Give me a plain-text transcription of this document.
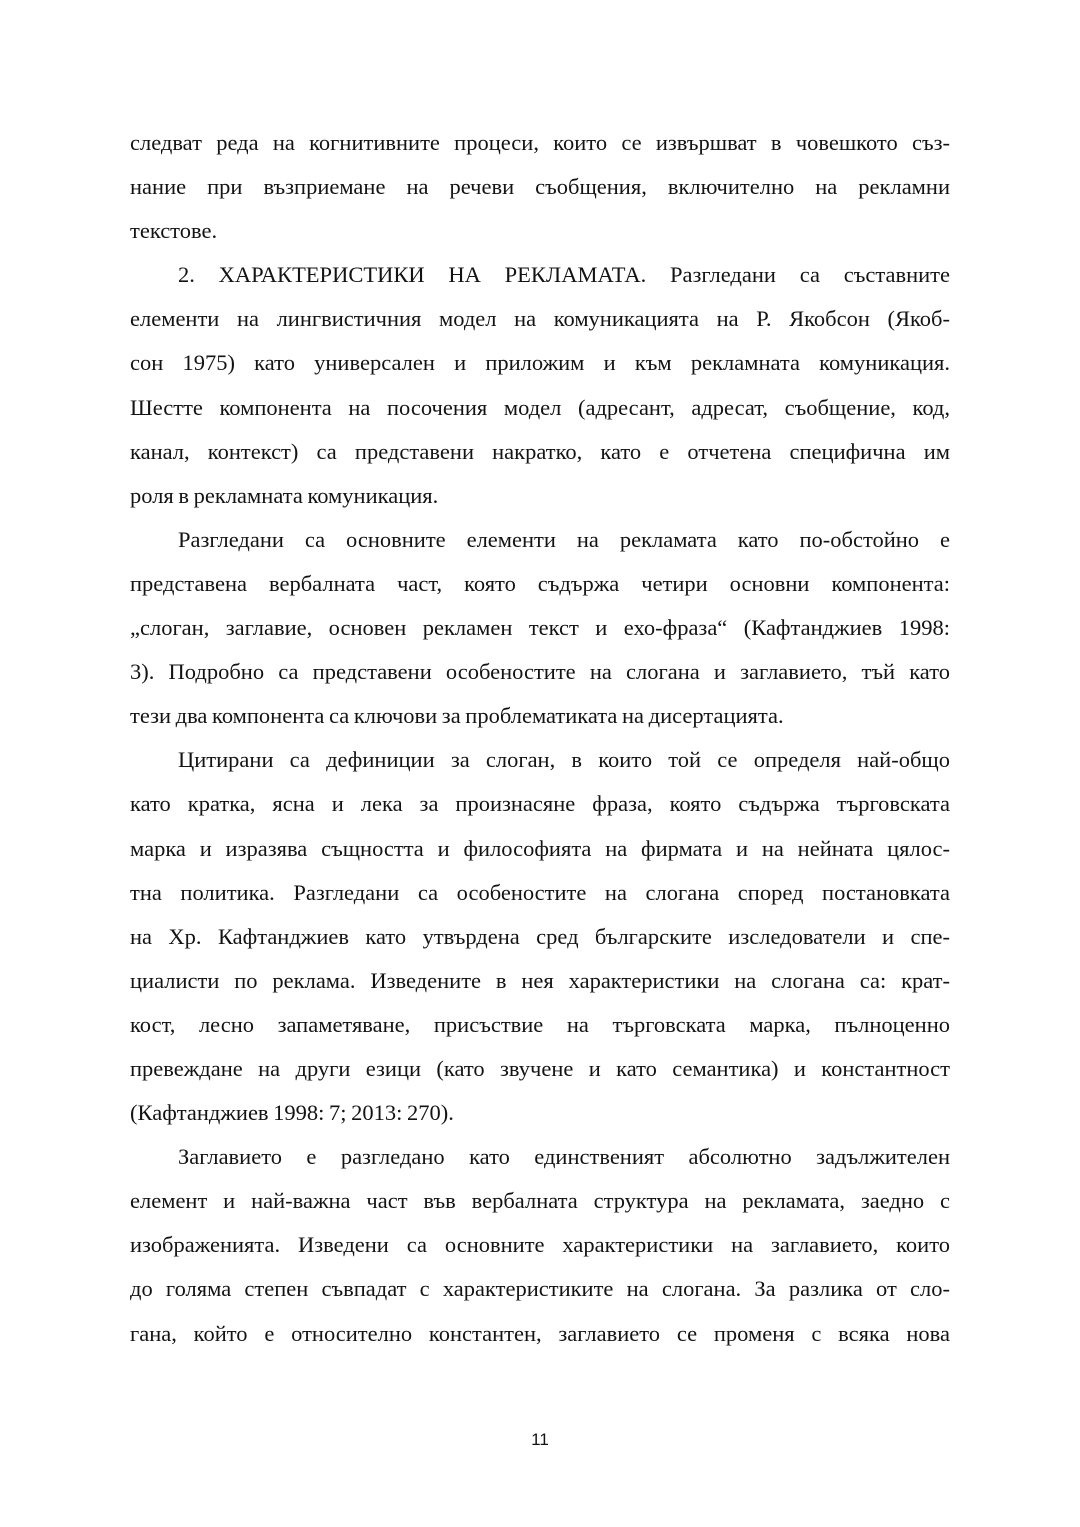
следват реда на когнитивните процеси, които се извършват в човешкото съз-
нание при възприемане на речеви съобщения, включително на рекламни
текстове.
2. ХАРАКТЕРИСТИКИ НА РЕКЛАМАТА. Разгледани са съставните
елементи на лингвистичния модел на комуникацията на Р. Якобсон (Якоб-
сон 1975) като универсален и приложим и към рекламната комуникация.
Шестте компонента на посочения модел (адресант, адресат, съобщение, код,
канал, контекст) са представени накратко, като е отчетена специфична им
роля в рекламната комуникация.
Разгледани са основните елементи на рекламата като по-обстойно е
представена вербалната част, която съдържа четири основни компонента:
„слоган, заглавие, основен рекламен текст и ехо-фраза“ (Кафтанджиев 1998:
3). Подробно са представени особеностите на слогана и заглавието, тъй като
тези два компонента са ключови за проблематиката на дисертацията.
Цитирани са дефиниции за слоган, в които той се определя най-общо
като кратка, ясна и лека за произнасяне фраза, която съдържа търговската
марка и изразява същността и философията на фирмата и на нейната цялос-
тна политика. Разгледани са особеностите на слогана според постановката
на Хр. Кафтанджиев като утвърдена сред българските изследователи и спе-
циалисти по реклама. Изведените в нея характеристики на слогана са: крат-
кост, лесно запаметяване, присъствие на търговската марка, пълноценно
превеждане на други езици (като звучене и като семантика) и константност
(Кафтанджиев 1998: 7; 2013: 270).
Заглавието е разгледано като единственият абсолютно задължителен
елемент и най-важна част във вербалната структура на рекламата, заедно с
изображенията. Изведени са основните характеристики на заглавието, които
до голяма степен съвпадат с характеристиките на слогана. За разлика от сло-
гана, който е относително константен, заглавието се променя с всяка нова
11
